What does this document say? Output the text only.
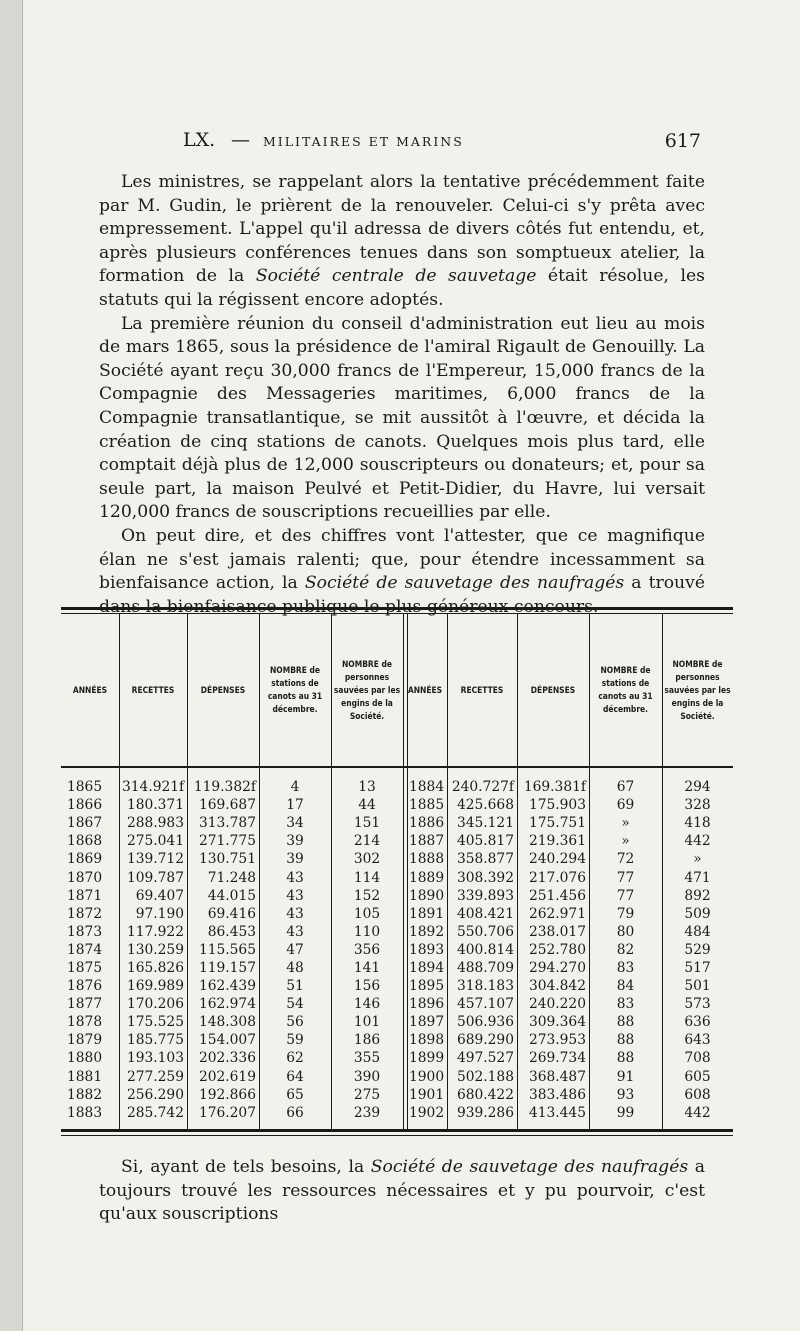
LX. — MILITAIRES ET MARINS	617

Les ministres, se rappelant alors la tentative précédemment faite par M. Gudin, le prièrent de la renouveler. Celui-ci s'y prêta avec empressement. L'appel qu'il adressa de divers côtés fut entendu, et, après plusieurs conférences tenues dans son somptueux atelier, la formation de la Société centrale de sauvetage était résolue, les statuts qui la régissent encore adoptés.

La première réunion du conseil d'administration eut lieu au mois de mars 1865, sous la présidence de l'amiral Rigault de Genouilly. La Société ayant reçu 30,000 francs de l'Empereur, 15,000 francs de la Compagnie des Messageries maritimes, 6,000 francs de la Compagnie transatlantique, se mit aussitôt à l'œuvre, et décida la création de cinq stations de canots. Quelques mois plus tard, elle comptait déjà plus de 12,000 souscripteurs ou donateurs; et, pour sa seule part, la maison Peulvé et Petit-Didier, du Havre, lui versait 120,000 francs de souscriptions recueillies par elle.

On peut dire, et des chiffres vont l'attester, que ce magnifique élan ne s'est jamais ralenti; que, pour étendre incessamment sa bienfaisance action, la Société de sauvetage des naufragés a trouvé

ANNÉES	RECETTES	DÉPENSES	NOMBRE de stations de canots au 31 décembre.	NOMBRE de personnes sauvées par les engins de la Société.	ANNÉES	RECETTES	DÉPENSES	NOMBRE de stations de canots au 31 décembre.	NOMBRE de personnes sauvées par les engins de la Société.
1865	314.921f	119.382f	4	13	1884	240.727f	169.381f	67	294
1866	180.371	169.687	17	44	1885	425.668	175.903	69	328
1867	288.983	313.787	34	151	1886	345.121	175.751	»	418
1868	275.041	271.775	39	214	1887	405.817	219.361	»	442
1869	139.712	130.751	39	302	1888	358.877	240.294	72	»
1870	109.787	71.248	43	114	1889	308.392	217.076	77	471
1871	69.407	44.015	43	152	1890	339.893	251.456	77	892
1872	97.190	69.416	43	105	1891	408.421	262.971	79	509
1873	117.922	86.453	43	110	1892	550.706	238.017	80	484
1874	130.259	115.565	47	356	1893	400.814	252.780	82	529
1875	165.826	119.157	48	141	1894	488.709	294.270	83	517
1876	169.989	162.439	51	156	1895	318.183	304.842	84	501
1877	170.206	162.974	54	146	1896	457.107	240.220	83	573
1878	175.525	148.308	56	101	1897	506.936	309.364	88	636
1879	185.775	154.007	59	186	1898	689.290	273.953	88	643
1880	193.103	202.336	62	355	1899	497.527	269.734	88	708
1881	277.259	202.619	64	390	1900	502.188	368.487	91	605
1882	256.290	192.866	65	275	1901	680.422	383.486	93	608
1883	285.742	176.207	66	239	1902	939.286	413.445	99	442

Si, ayant de tels besoins, la Société de sauvetage des naufragés a toujours trouvé les ressources nécessaires et y pu pourvoir, c'est qu'aux souscriptions
